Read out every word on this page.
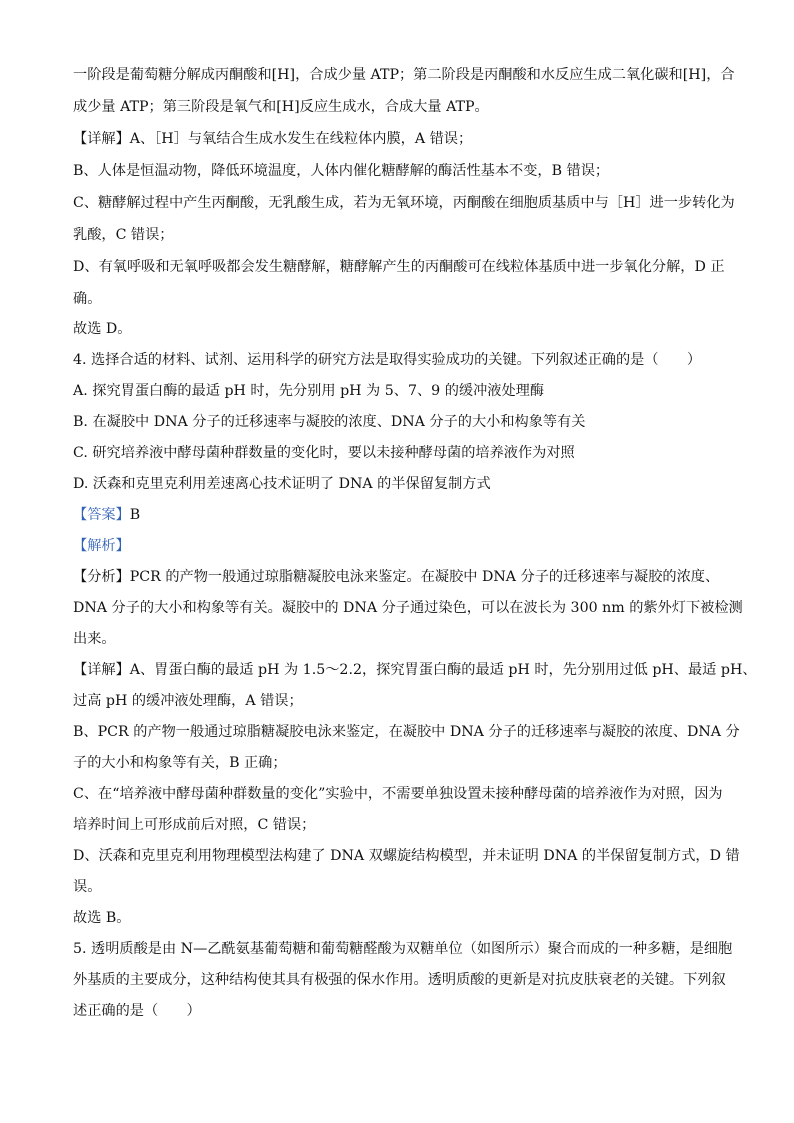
一阶段是葡萄糖分解成丙酮酸和[H]，合成少量 ATP；第二阶段是丙酮酸和水反应生成二氧化碳和[H]，合
成少量 ATP；第三阶段是氧气和[H]反应生成水，合成大量 ATP。
【详解】A、［H］与氧结合生成水发生在线粒体内膜，A 错误；
B、人体是恒温动物，降低环境温度，人体内催化糖酵解的酶活性基本不变，B 错误；
C、糖酵解过程中产生丙酮酸，无乳酸生成，若为无氧环境，丙酮酸在细胞质基质中与［H］进一步转化为
乳酸，C 错误；
D、有氧呼吸和无氧呼吸都会发生糖酵解，糖酵解产生的丙酮酸可在线粒体基质中进一步氧化分解，D 正
确。
故选 D。
4. 选择合适的材料、试剂、运用科学的研究方法是取得实验成功的关键。下列叙述正确的是（　　）
A. 探究胃蛋白酶的最适 pH 时，先分别用 pH 为 5、7、9 的缓冲液处理酶
B. 在凝胶中 DNA 分子的迁移速率与凝胶的浓度、DNA 分子的大小和构象等有关
C. 研究培养液中酵母菌种群数量的变化时，要以未接种酵母菌的培养液作为对照
D. 沃森和克里克利用差速离心技术证明了 DNA 的半保留复制方式
【答案】B
【解析】
【分析】PCR 的产物一般通过琼脂糖凝胶电泳来鉴定。在凝胶中 DNA 分子的迁移速率与凝胶的浓度、
DNA 分子的大小和构象等有关。凝胶中的 DNA 分子通过染色，可以在波长为 300 nm 的紫外灯下被检测
出来。
【详解】A、胃蛋白酶的最适 pH 为 1.5～2.2，探究胃蛋白酶的最适 pH 时，先分别用过低 pH、最适 pH、
过高 pH 的缓冲液处理酶，A 错误；
B、PCR 的产物一般通过琼脂糖凝胶电泳来鉴定，在凝胶中 DNA 分子的迁移速率与凝胶的浓度、DNA 分
子的大小和构象等有关，B 正确；
C、在“培养液中酵母菌种群数量的变化”实验中，不需要单独设置未接种酵母菌的培养液作为对照，因为
培养时间上可形成前后对照，C 错误；
D、沃森和克里克利用物理模型法构建了 DNA 双螺旋结构模型，并未证明 DNA 的半保留复制方式，D 错
误。
故选 B。
5. 透明质酸是由 N—乙酰氨基葡萄糖和葡萄糖醛酸为双糖单位（如图所示）聚合而成的一种多糖，是细胞
外基质的主要成分，这种结构使其具有极强的保水作用。透明质酸的更新是对抗皮肤衰老的关键。下列叙
述正确的是（　　）
